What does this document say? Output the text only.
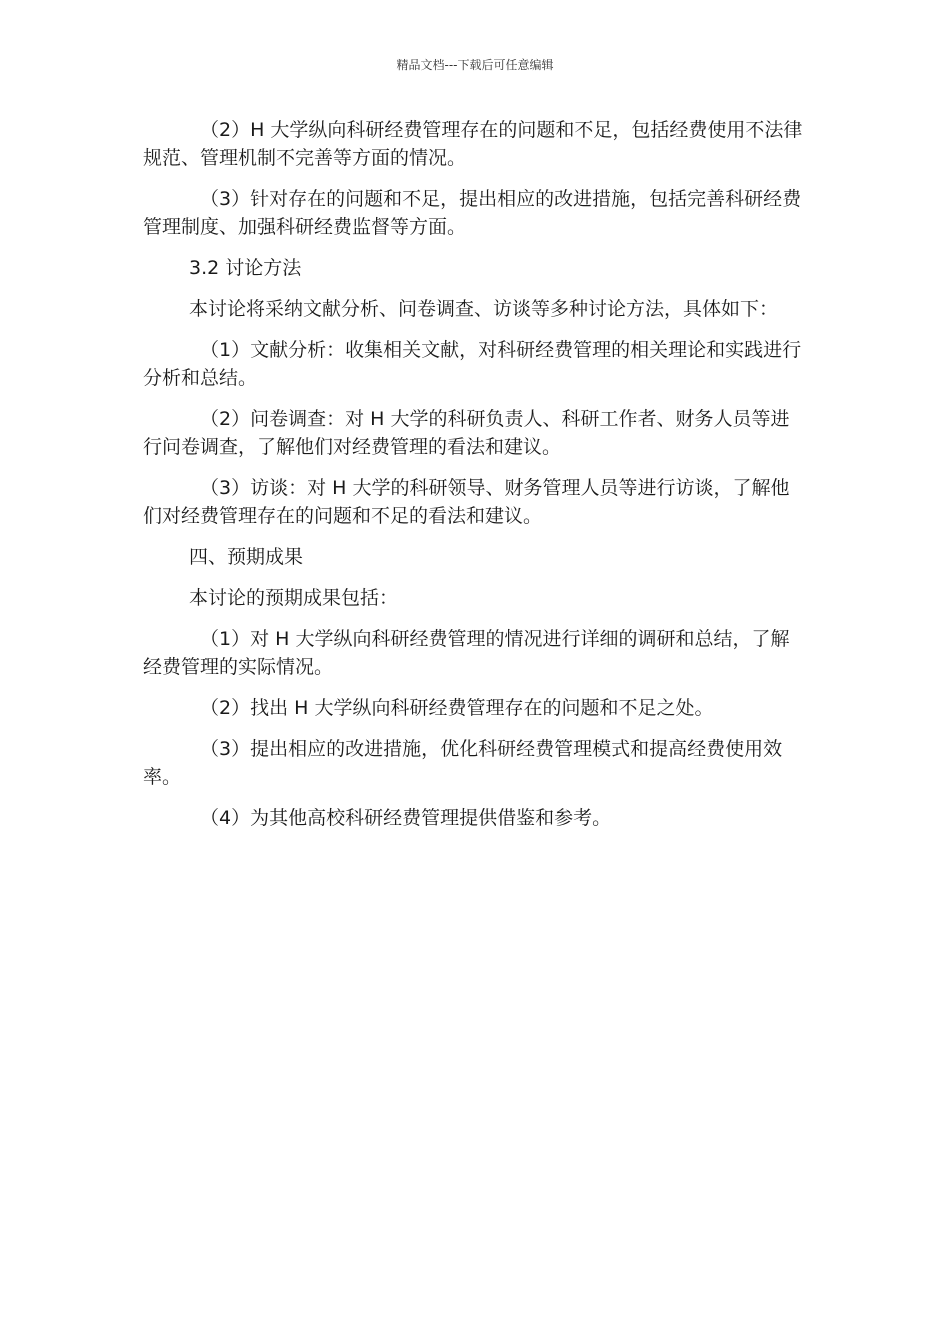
精品文档---下载后可任意编辑

（2）H 大学纵向科研经费管理存在的问题和不足，包括经费使用不法律规范、管理机制不完善等方面的情况。

（3）针对存在的问题和不足，提出相应的改进措施，包括完善科研经费管理制度、加强科研经费监督等方面。

3.2 讨论方法

本讨论将采纳文献分析、问卷调查、访谈等多种讨论方法，具体如下：

（1）文献分析：收集相关文献，对科研经费管理的相关理论和实践进行分析和总结。

（2）问卷调查：对 H 大学的科研负责人、科研工作者、财务人员等进行问卷调查，了解他们对经费管理的看法和建议。

（3）访谈：对 H 大学的科研领导、财务管理人员等进行访谈，了解他们对经费管理存在的问题和不足的看法和建议。

四、预期成果

本讨论的预期成果包括：

（1）对 H 大学纵向科研经费管理的情况进行详细的调研和总结，了解经费管理的实际情况。

（2）找出 H 大学纵向科研经费管理存在的问题和不足之处。

（3）提出相应的改进措施，优化科研经费管理模式和提高经费使用效率。

（4）为其他高校科研经费管理提供借鉴和参考。
